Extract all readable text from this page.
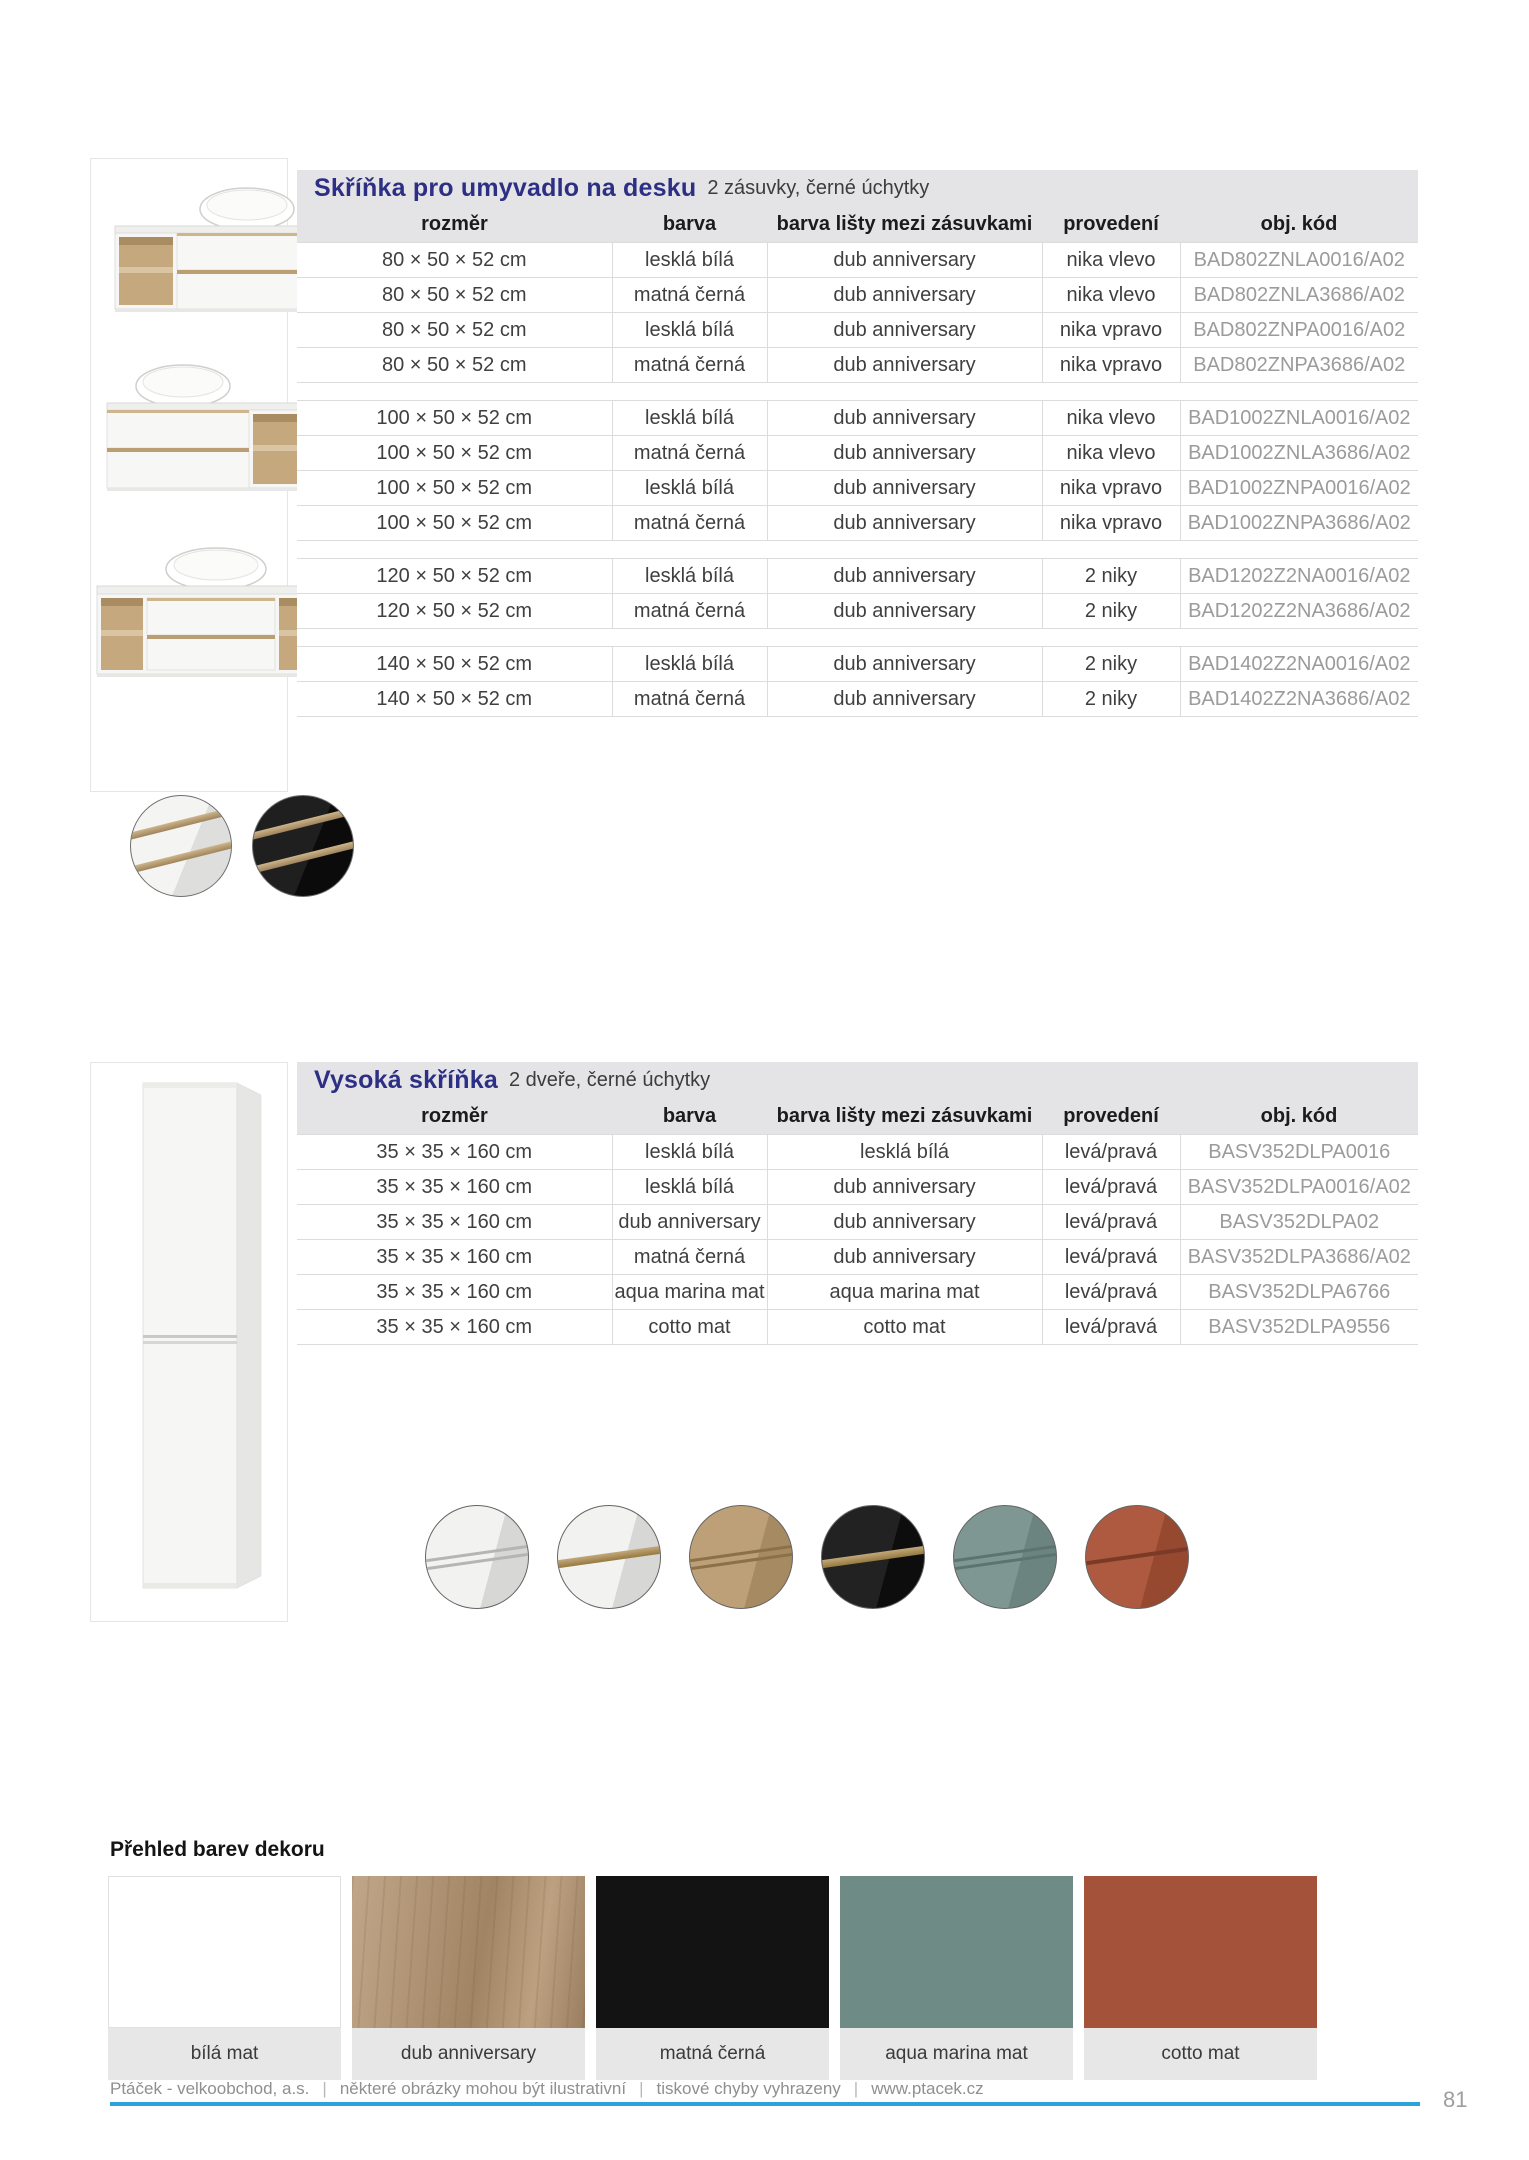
Skříňka pro umyvadlo na desku 2 zásuvky, černé úchytky
rozměr	barva	barva lišty mezi zásuvkami	provedení	obj. kód
80 × 50 × 52 cm	lesklá bílá	dub anniversary	nika vlevo	BAD802ZNLA0016/A02
80 × 50 × 52 cm	matná černá	dub anniversary	nika vlevo	BAD802ZNLA3686/A02
80 × 50 × 52 cm	lesklá bílá	dub anniversary	nika vpravo	BAD802ZNPA0016/A02
80 × 50 × 52 cm	matná černá	dub anniversary	nika vpravo	BAD802ZNPA3686/A02

100 × 50 × 52 cm	lesklá bílá	dub anniversary	nika vlevo	BAD1002ZNLA0016/A02
100 × 50 × 52 cm	matná černá	dub anniversary	nika vlevo	BAD1002ZNLA3686/A02
100 × 50 × 52 cm	lesklá bílá	dub anniversary	nika vpravo	BAD1002ZNPA0016/A02
100 × 50 × 52 cm	matná černá	dub anniversary	nika vpravo	BAD1002ZNPA3686/A02

120 × 50 × 52 cm	lesklá bílá	dub anniversary	2 niky	BAD1202Z2NA0016/A02
120 × 50 × 52 cm	matná černá	dub anniversary	2 niky	BAD1202Z2NA3686/A02

140 × 50 × 52 cm	lesklá bílá	dub anniversary	2 niky	BAD1402Z2NA0016/A02
140 × 50 × 52 cm	matná černá	dub anniversary	2 niky	BAD1402Z2NA3686/A02
Vysoká skříňka 2 dveře, černé úchytky
rozměr	barva	barva lišty mezi zásuvkami	provedení	obj. kód
35 × 35 × 160 cm	lesklá bílá	lesklá bílá	levá/pravá	BASV352DLPA0016
35 × 35 × 160 cm	lesklá bílá	dub anniversary	levá/pravá	BASV352DLPA0016/A02
35 × 35 × 160 cm	dub anniversary	dub anniversary	levá/pravá	BASV352DLPA02
35 × 35 × 160 cm	matná černá	dub anniversary	levá/pravá	BASV352DLPA3686/A02
35 × 35 × 160 cm	aqua marina mat	aqua marina mat	levá/pravá	BASV352DLPA6766
35 × 35 × 160 cm	cotto mat	cotto mat	levá/pravá	BASV352DLPA9556
Přehled barev dekoru
bílá mat	dub anniversary	matná černá	aqua marina mat	cotto mat
Ptáček - velkoobchod, a.s. | některé obrázky mohou být ilustrativní | tiskové chyby vyhrazeny | www.ptacek.cz	81
